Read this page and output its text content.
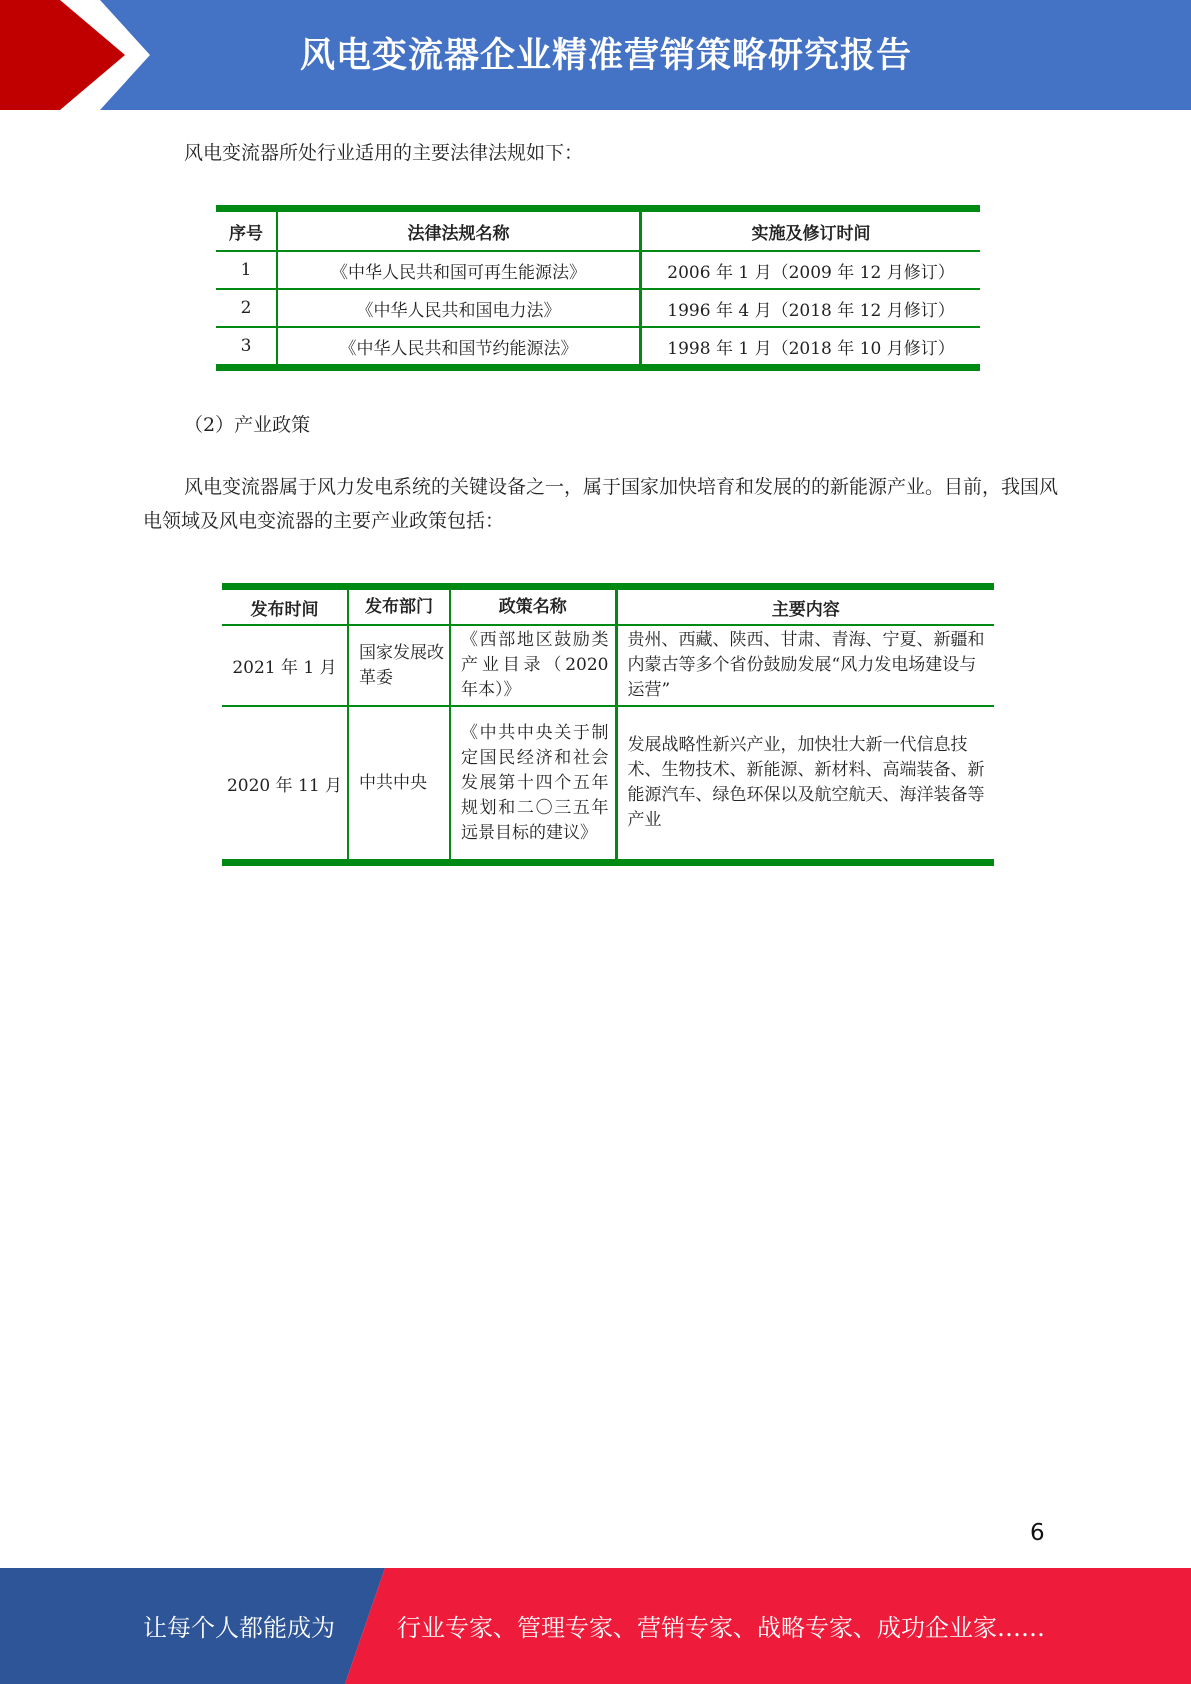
风电变流器企业精准营销策略研究报告

风电变流器所处行业适用的主要法律法规如下：

序号	法律法规名称	实施及修订时间
1	《中华人民共和国可再生能源法》	2006 年 1 月（2009 年 12 月修订）
2	《中华人民共和国电力法》	1996 年 4 月（2018 年 12 月修订）
3	《中华人民共和国节约能源法》	1998 年 1 月（2018 年 10 月修订）

（2）产业政策

风电变流器属于风力发电系统的关键设备之一，属于国家加快培育和发展的的新能源产业。目前，我国风电领域及风电变流器的主要产业政策包括：

发布时间	发布部门	政策名称	主要内容
2021 年 1 月	国家发展改革委	《西部地区鼓励类产业目录（2020 年本）》	贵州、西藏、陕西、甘肃、青海、宁夏、新疆和内蒙古等多个省份鼓励发展“风力发电场建设与运营”
2020 年 11 月	中共中央	《中共中央关于制定国民经济和社会发展第十四个五年规划和二〇三五年远景目标的建议》	发展战略性新兴产业，加快壮大新一代信息技术、生物技术、新能源、新材料、高端装备、新能源汽车、绿色环保以及航空航天、海洋装备等产业
6
让每个人都能成为	行业专家、管理专家、营销专家、战略专家、成功企业家……
